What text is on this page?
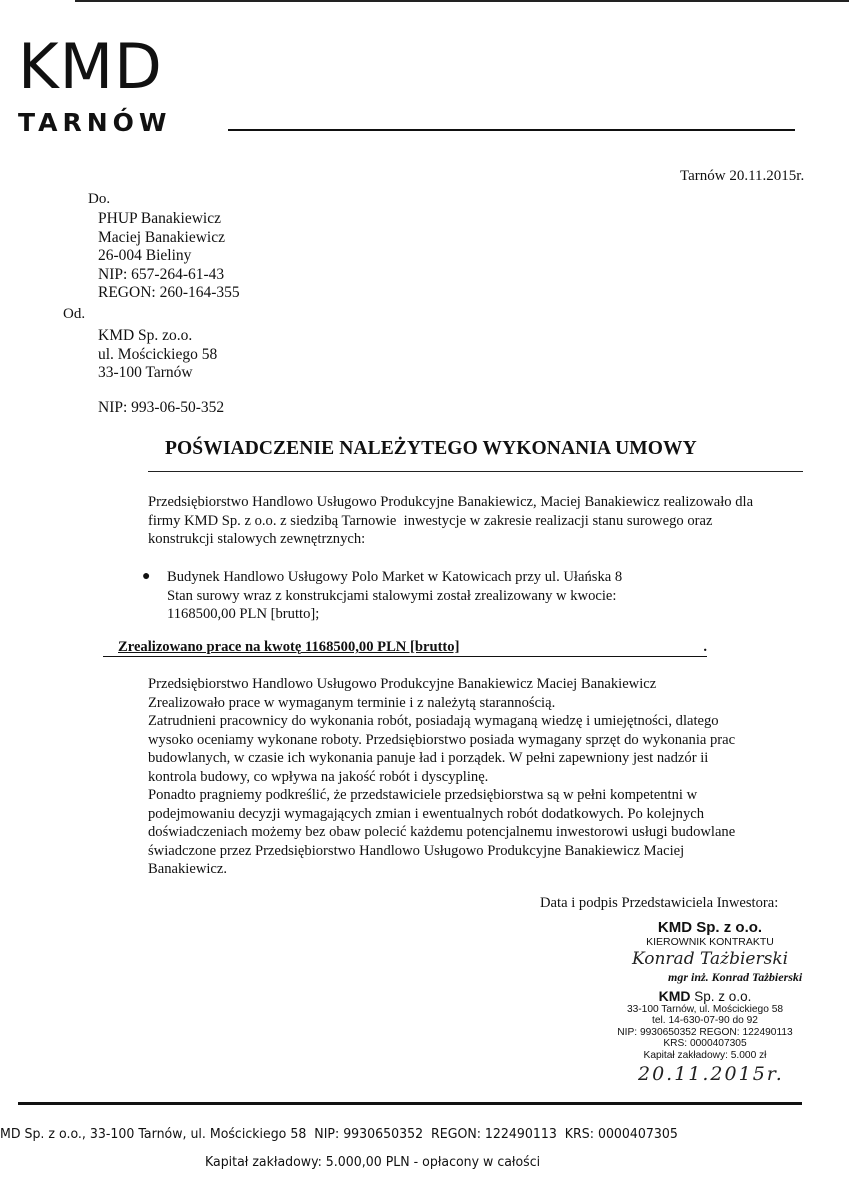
KMD
TARNÓW
Tarnów 20.11.2015r.
Do.
PHUP Banakiewicz
Maciej Banakiewicz
26-004 Bieliny
NIP: 657-264-61-43
REGON: 260-164-355
Od.
KMD Sp. zo.o.
ul. Mościckiego 58
33-100 Tarnów
NIP: 993-06-50-352
POŚWIADCZENIE NALEŻYTEGO WYKONANIA UMOWY
Przedsiębiorstwo Handlowo Usługowo Produkcyjne Banakiewicz, Maciej Banakiewicz realizowało dla
firmy KMD Sp. z o.o. z siedzibą Tarnowie  inwestycje w zakresie realizacji stanu surowego oraz
konstrukcji stalowych zewnętrznych:
● Budynek Handlowo Usługowy Polo Market w Katowicach przy ul. Ułańska 8
Stan surowy wraz z konstrukcjami stalowymi został zrealizowany w kwocie:
1168500,00 PLN [brutto];
Zrealizowano prace na kwotę 1168500,00 PLN [brutto]	.
Przedsiębiorstwo Handlowo Usługowo Produkcyjne Banakiewicz Maciej Banakiewicz
Zrealizowało prace w wymaganym terminie i z należytą starannością.
Zatrudnieni pracownicy do wykonania robót, posiadają wymaganą wiedzę i umiejętności, dlatego
wysoko oceniamy wykonane roboty. Przedsiębiorstwo posiada wymagany sprzęt do wykonania prac
budowlanych, w czasie ich wykonania panuje ład i porządek. W pełni zapewniony jest nadzór ii
kontrola budowy, co wpływa na jakość robót i dyscyplinę.
Ponadto pragniemy podkreślić, że przedstawiciele przedsiębiorstwa są w pełni kompetentni w
podejmowaniu decyzji wymagających zmian i ewentualnych robót dodatkowych. Po kolejnych
doświadczeniach możemy bez obaw polecić każdemu potencjalnemu inwestorowi usługi budowlane
świadczone przez Przedsiębiorstwo Handlowo Usługowo Produkcyjne Banakiewicz Maciej
Banakiewicz.
Data i podpis Przedstawiciela Inwestora:
KMD Sp. z o.o.
KIEROWNIK KONTRAKTU
Konrad Tażbierski
mgr inż. Konrad Tażbierski
KMD Sp. z o.o.
33-100 Tarnów, ul. Mościckiego 58
tel. 14-630-07-90 do 92
NIP: 9930650352 REGON: 122490113
KRS: 0000407305
Kapitał zakładowy: 5.000 zł
20.11.2015r.
MD Sp. z o.o., 33-100 Tarnów, ul. Mościckiego 58  NIP: 9930650352  REGON: 122490113  KRS: 0000407305
Kapitał zakładowy: 5.000,00 PLN - opłacony w całości
